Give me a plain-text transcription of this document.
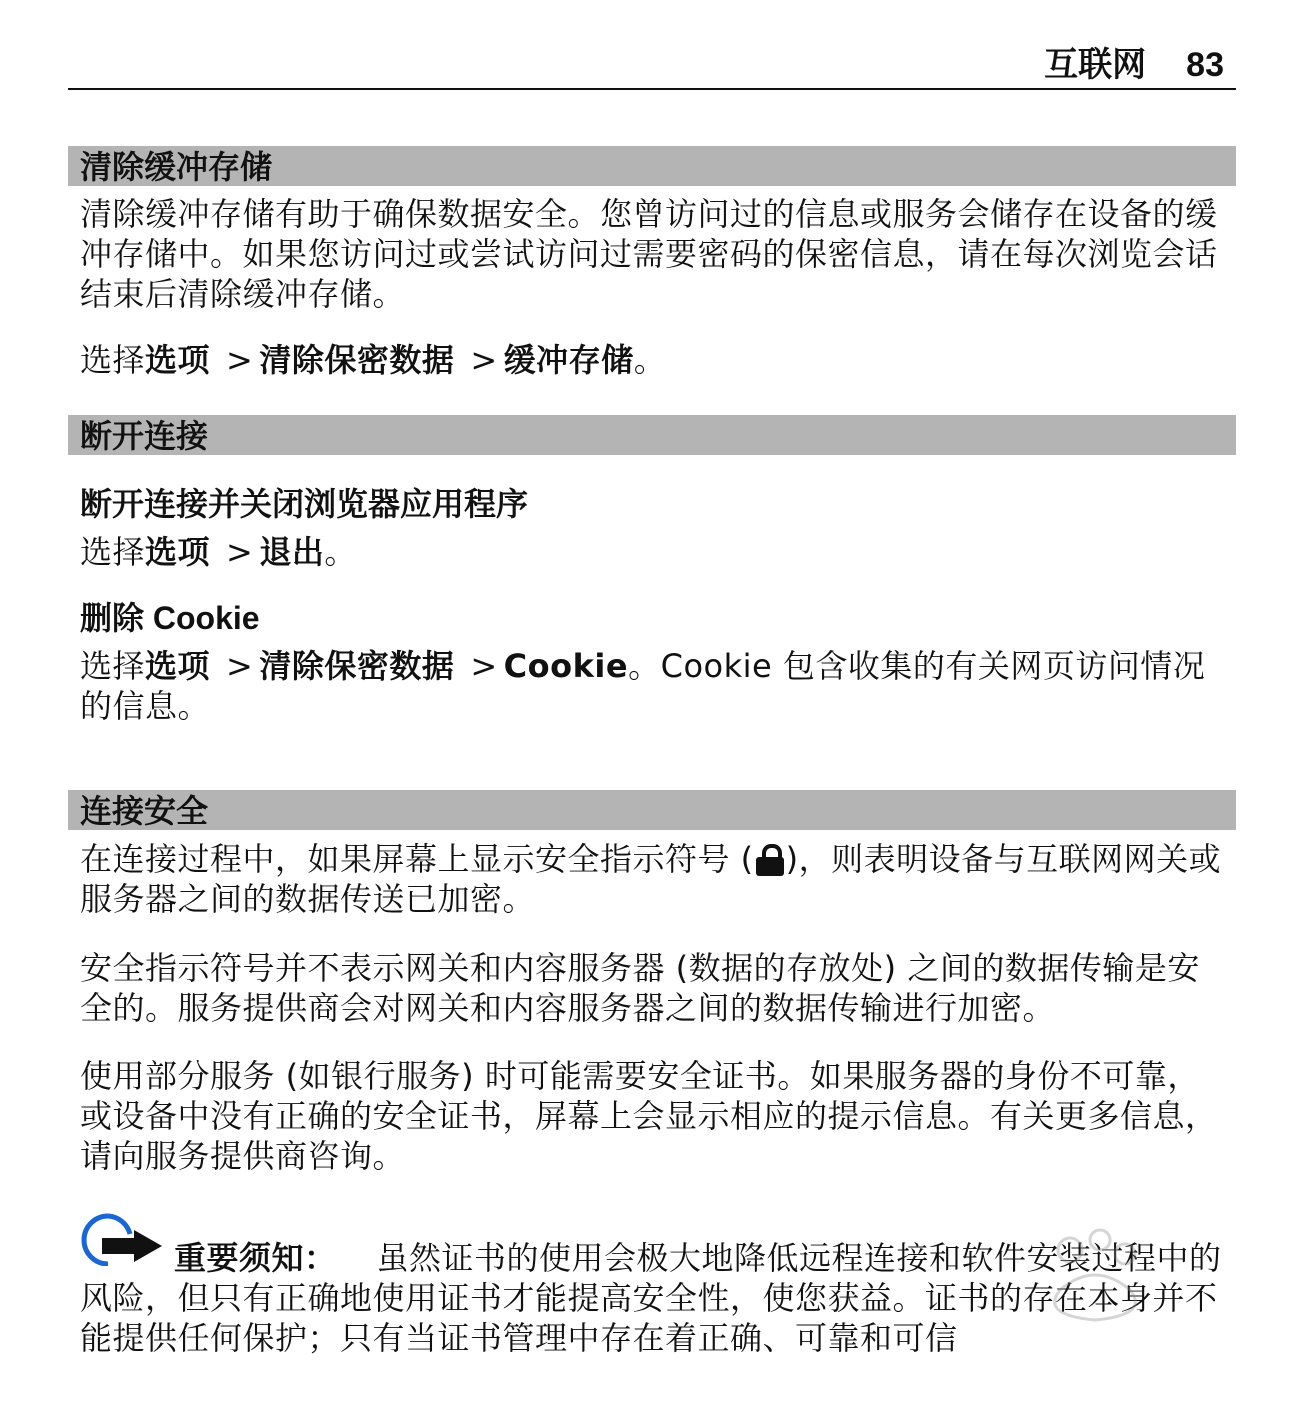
互联网 83
清除缓冲存储

清除缓冲存储有助于确保数据安全。您曾访问过的信息或服务会储存在设备的缓冲存储中。如果您访问过或尝试访问过需要密码的保密信息，请在每次浏览会话结束后清除缓冲存储。

选择选项 > 清除保密数据 > 缓冲存储。

断开连接

断开连接并关闭浏览器应用程序

选择选项 > 退出。

删除 Cookie

选择选项 > 清除保密数据 > Cookie。Cookie 包含收集的有关网页访问情况的信息。

连接安全

在连接过程中，如果屏幕上显示安全指示符号 ( )，则表明设备与互联网网关或服务器之间的数据传送已加密。

安全指示符号并不表示网关和内容服务器 (数据的存放处) 之间的数据传输是安全的。服务提供商会对网关和内容服务器之间的数据传输进行加密。

使用部分服务 (如银行服务) 时可能需要安全证书。如果服务器的身份不可靠，或设备中没有正确的安全证书，屏幕上会显示相应的提示信息。有关更多信息，请向服务提供商咨询。

重要须知： 虽然证书的使用会极大地降低远程连接和软件安装过程中的风险，但只有正确地使用证书才能提高安全性，使您获益。证书的存在本身并不能提供任何保护；只有当证书管理中存在着正确、可靠和可信
